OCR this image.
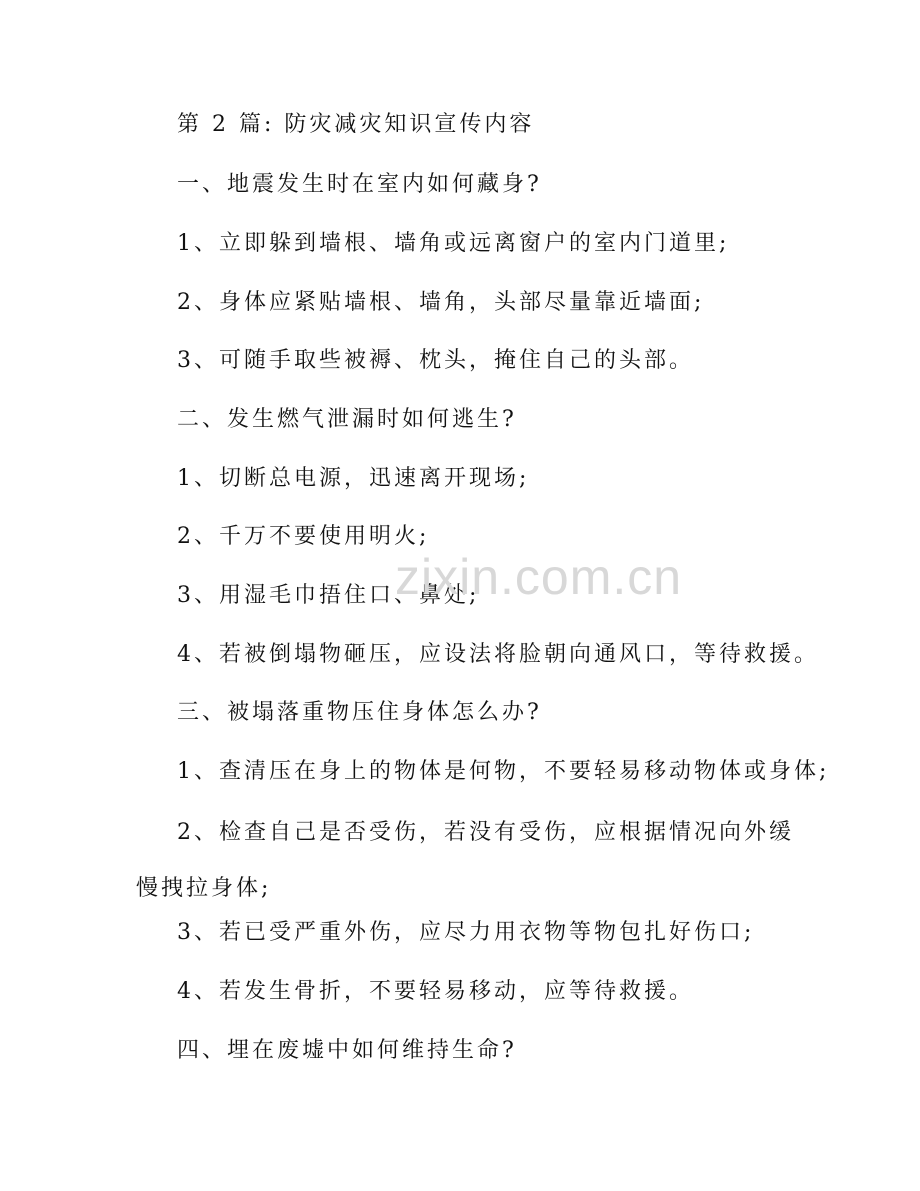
第 2 篇: 防灾减灾知识宣传内容
一、地震发生时在室内如何藏身?
1、立即躲到墙根、墙角或远离窗户的室内门道里;
2、身体应紧贴墙根、墙角，头部尽量靠近墙面;
3、可随手取些被褥、枕头，掩住自己的头部。
二、发生燃气泄漏时如何逃生?
1、切断总电源，迅速离开现场;
2、千万不要使用明火;
3、用湿毛巾捂住口、鼻处;
4、若被倒塌物砸压，应设法将脸朝向通风口，等待救援。
三、被塌落重物压住身体怎么办?
1、查清压在身上的物体是何物，不要轻易移动物体或身体;
2、检查自己是否受伤，若没有受伤，应根据情况向外缓慢拽拉身体;
3、若已受严重外伤，应尽力用衣物等物包扎好伤口;
4、若发生骨折，不要轻易移动，应等待救援。
四、埋在废墟中如何维持生命?
zixin.com.cn
